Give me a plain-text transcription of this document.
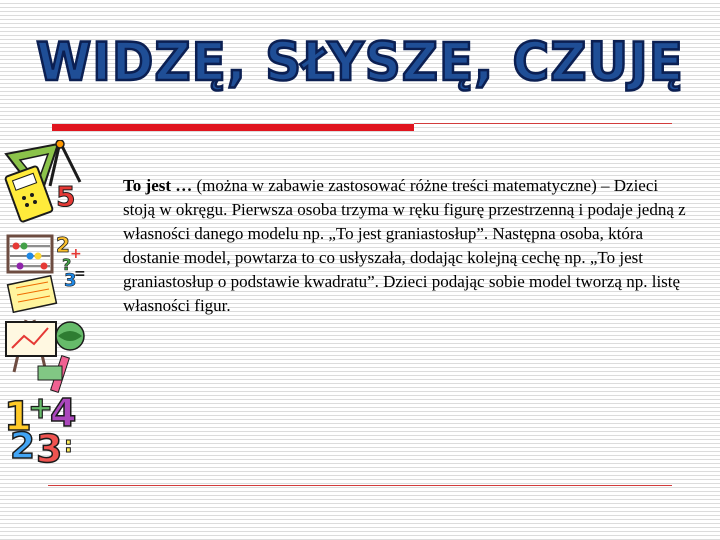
WIDZĘ, SŁYSZĘ, CZUJĘ
5
2
?
+
3
=
1
+
4
2 3 :

To jest … (można w zabawie zastosować różne treści matematyczne) – Dzieci stoją w okręgu. Pierwsza osoba trzyma w ręku figurę przestrzenną i podaje jedną z własności danego modelu np. „To jest graniastosłup”. Następna osoba, która dostanie model, powtarza to co usłyszała, dodając kolejną cechę np. „To jest graniastosłup o podstawie kwadratu”. Dzieci podając sobie model tworzą np. listę własności figur.
